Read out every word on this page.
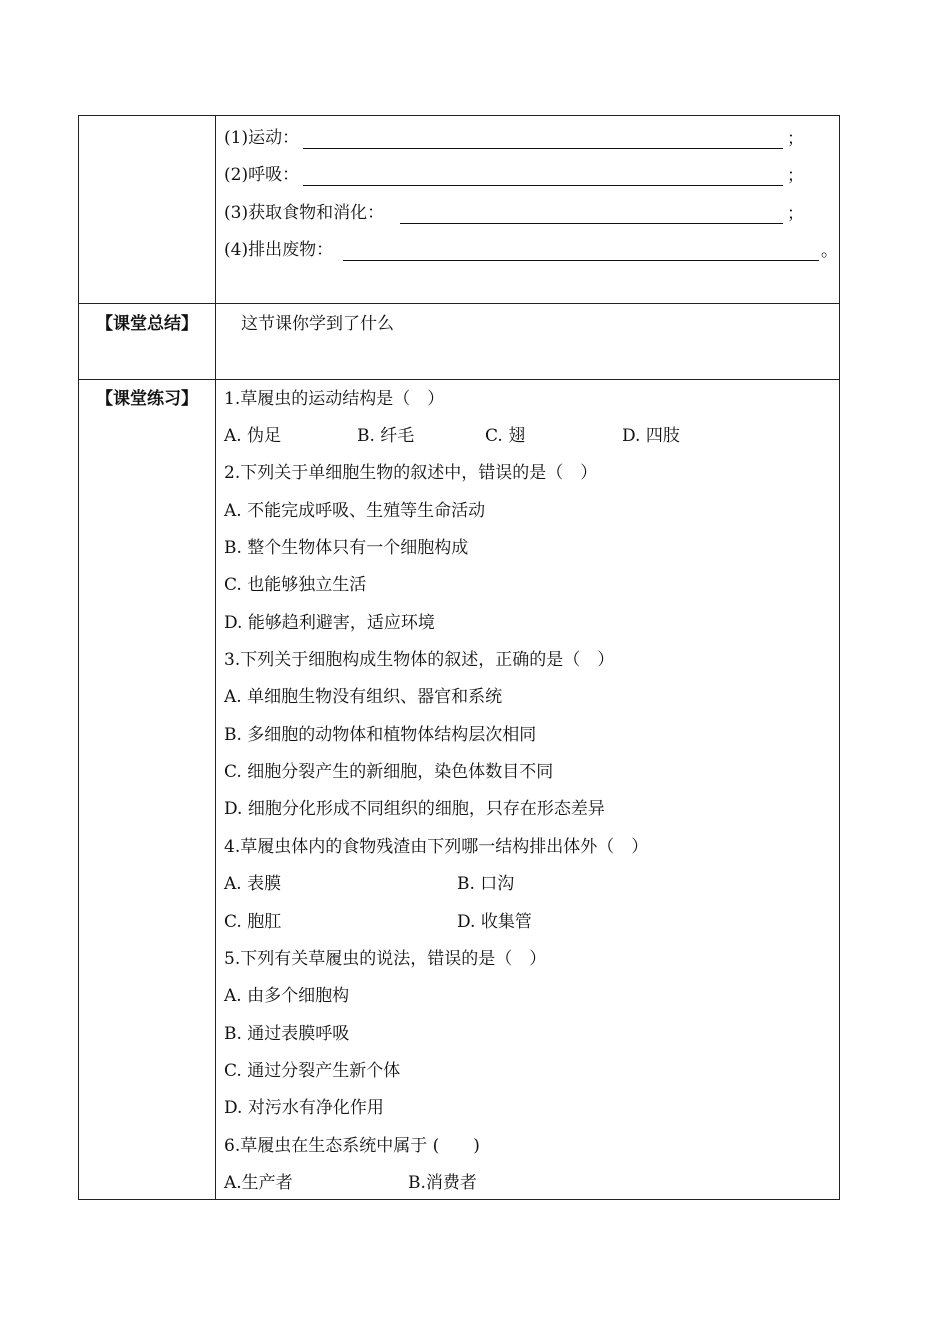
(1)运动：	；
(2)呼吸：	；
(3)获取食物和消化：	；
(4)排出废物：	。
【课堂总结】	这节课你学到了什么
【课堂练习】	1.草履虫的运动结构是（　）
A. 伪足	B. 纤毛	C. 翅	D. 四肢
2.下列关于单细胞生物的叙述中，错误的是（　）
A. 不能完成呼吸、生殖等生命活动
B. 整个生物体只有一个细胞构成
C. 也能够独立生活
D. 能够趋利避害，适应环境
3.下列关于细胞构成生物体的叙述，正确的是（　）
A. 单细胞生物没有组织、器官和系统
B. 多细胞的动物体和植物体结构层次相同
C. 细胞分裂产生的新细胞，染色体数目不同
D. 细胞分化形成不同组织的细胞，只存在形态差异
4.草履虫体内的食物残渣由下列哪一结构排出体外（　）
A. 表膜	B. 口沟
C. 胞肛	D. 收集管
5.下列有关草履虫的说法，错误的是（　）
A. 由多个细胞构
B. 通过表膜呼吸
C. 通过分裂产生新个体
D. 对污水有净化作用
6.草履虫在生态系统中属于 (　　)
A.生产者	B.消费者
